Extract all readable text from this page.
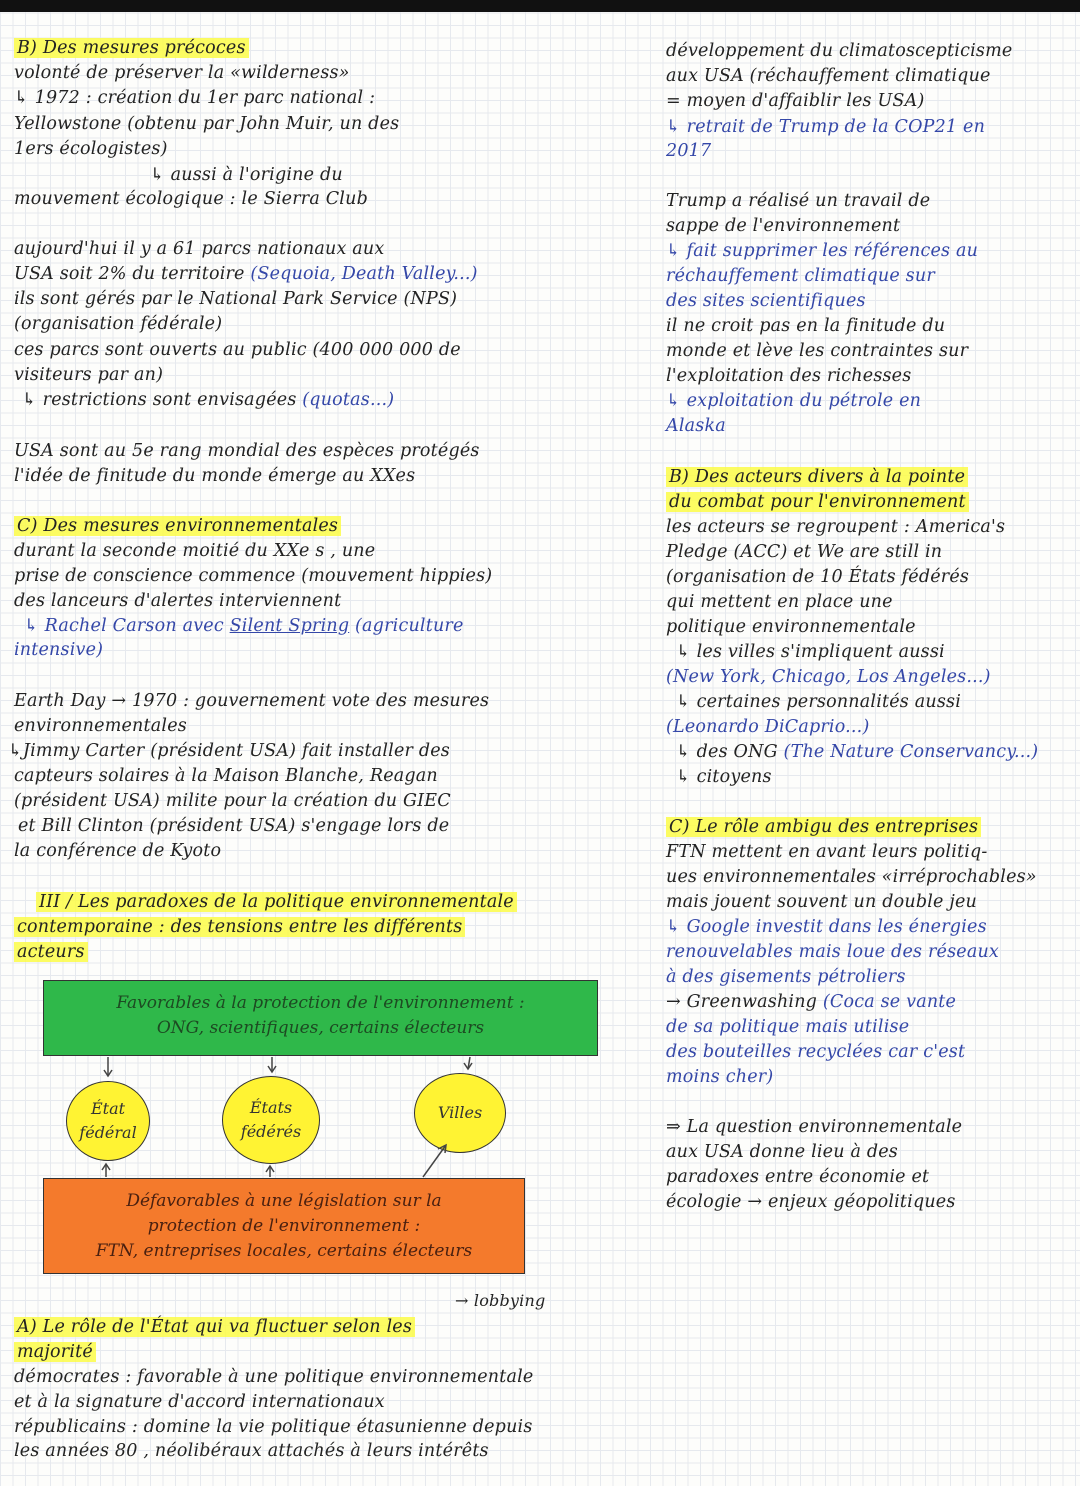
B) Des mesures précoces
volonté de préserver la «wilderness»
↳ 1972 : création du 1er parc national :
Yellowstone (obtenu par John Muir, un des
1ers écologistes)
↳ aussi à l'origine du
mouvement écologique : le Sierra Club
aujourd'hui il y a 61 parcs nationaux aux
USA soit 2% du territoire (Sequoia, Death Valley...)
ils sont gérés par le National Park Service (NPS)
(organisation fédérale)
ces parcs sont ouverts au public (400 000 000 de
visiteurs par an)
↳ restrictions sont envisagées (quotas...)
USA sont au 5e rang mondial des espèces protégés
l'idée de finitude du monde émerge au XXes
C) Des mesures environnementales
durant la seconde moitié du XXe s , une
prise de conscience commence (mouvement hippies)
des lanceurs d'alertes interviennent
↳ Rachel Carson avec Silent Spring (agriculture
intensive)
Earth Day → 1970 : gouvernement vote des mesures
environnementales
↳Jimmy Carter (président USA) fait installer des
capteurs solaires à la Maison Blanche, Reagan
(président USA) milite pour la création du GIEC
et Bill Clinton (président USA) s'engage lors de
la conférence de Kyoto
III / Les paradoxes de la politique environnementale
contemporaine : des tensions entre les différents
acteurs
Favorables à la protection de l'environnement :
ONG, scientifiques, certains électeurs
État fédéral
États fédérés
Villes
Défavorables à une législation sur la
protection de l'environnement :
FTN, entreprises locales, certains électeurs
→ lobbying
A) Le rôle de l'État qui va fluctuer selon les
majorité
démocrates : favorable à une politique environnementale
et à la signature d'accord internationaux
républicains : domine la vie politique étasunienne depuis
les années 80 , néolibéraux attachés à leurs intérêts
développement du climatoscepticisme
aux USA (réchauffement climatique
= moyen d'affaiblir les USA)
↳ retrait de Trump de la COP21 en
2017
Trump a réalisé un travail de
sappe de l'environnement
↳ fait supprimer les références au
réchauffement climatique sur
des sites scientifiques
il ne croit pas en la finitude du
monde et lève les contraintes sur
l'exploitation des richesses
↳ exploitation du pétrole en
Alaska
B) Des acteurs divers à la pointe
du combat pour l'environnement
les acteurs se regroupent : America's
Pledge (ACC) et We are still in
(organisation de 10 États fédérés
qui mettent en place une
politique environnementale
↳ les villes s'impliquent aussi
(New York, Chicago, Los Angeles...)
↳ certaines personnalités aussi
(Leonardo DiCaprio...)
↳ des ONG (The Nature Conservancy...)
↳ citoyens
C) Le rôle ambigu des entreprises
FTN mettent en avant leurs politiq-
ues environnementales «irréprochables»
mais jouent souvent un double jeu
↳ Google investit dans les énergies
renouvelables mais loue des réseaux
à des gisements pétroliers
→ Greenwashing (Coca se vante
de sa politique mais utilise
des bouteilles recyclées car c'est
moins cher)
⇒ La question environnementale
aux USA donne lieu à des
paradoxes entre économie et
écologie → enjeux géopolitiques
